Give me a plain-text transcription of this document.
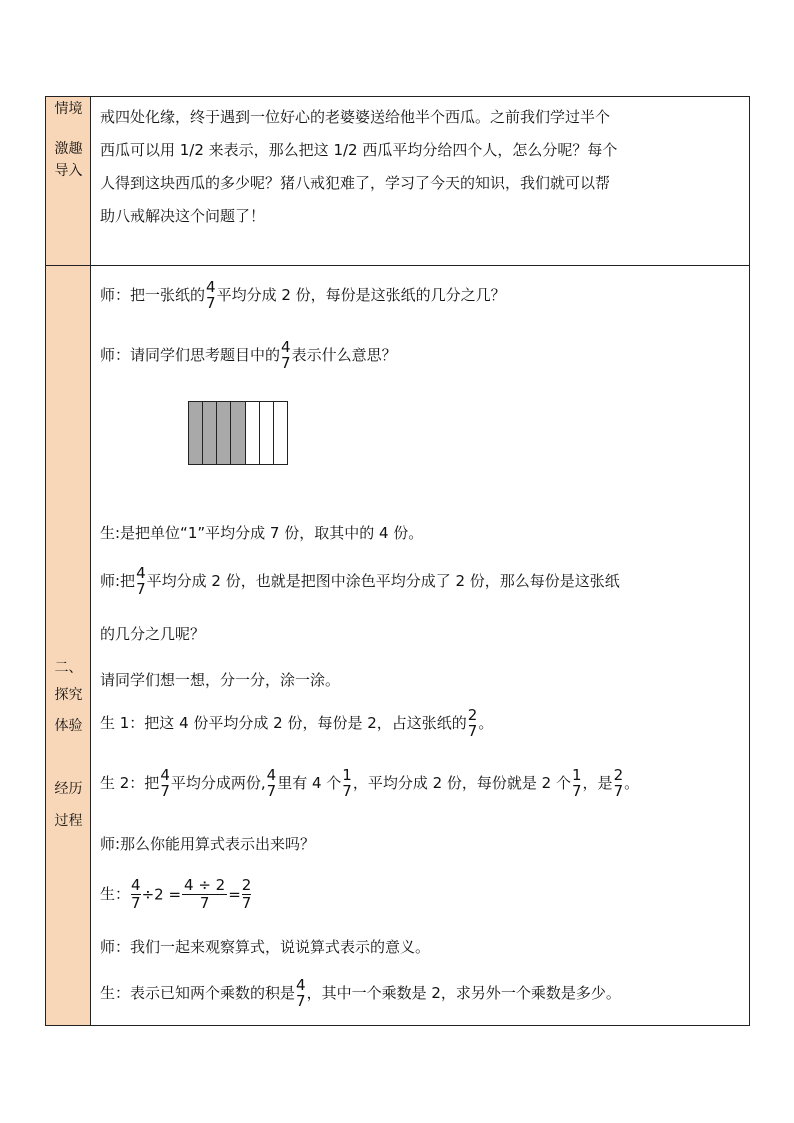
情境
激趣
导入
戒四处化缘，终于遇到一位好心的老婆婆送给他半个西瓜。之前我们学过半个
西瓜可以用 1/2 来表示，那么把这 1/2 西瓜平均分给四个人，怎么分呢？每个
人得到这块西瓜的多少呢？猪八戒犯难了，学习了今天的知识，我们就可以帮
助八戒解决这个问题了！
二、
探究
体验
经历
过程
师：把一张纸的 4
7 平均分成 2 份，每份是这张纸的几分之几？
师：请同学们思考题目中的 4
7 表示什么意思？
生:是把单位“1”平均分成 7 份，取其中的 4 份。
师:把 4
7 平均分成 2 份，也就是把图中涂色平均分成了 2 份，那么每份是这张纸
的几分之几呢？
请同学们想一想，分一分，涂一涂。
生 1：把这 4 份平均分成 2 份，每份是 2，占这张纸的 2
7 。
生 2：把 4
7 平均分成两份, 4
7 里有 4 个 1
7 ，平均分成 2 份，每份就是 2 个 1
7 ，是 2
7 。
师:那么你能用算式表示出来吗？
生： $\frac{4}{7} \div 2 = \frac{4 \div 2}{7} = \frac{2}{7}$
师：我们一起来观察算式，说说算式表示的意义。
生：表示已知两个乘数的积是 4
7 ，其中一个乘数是 2，求另外一个乘数是多少。
